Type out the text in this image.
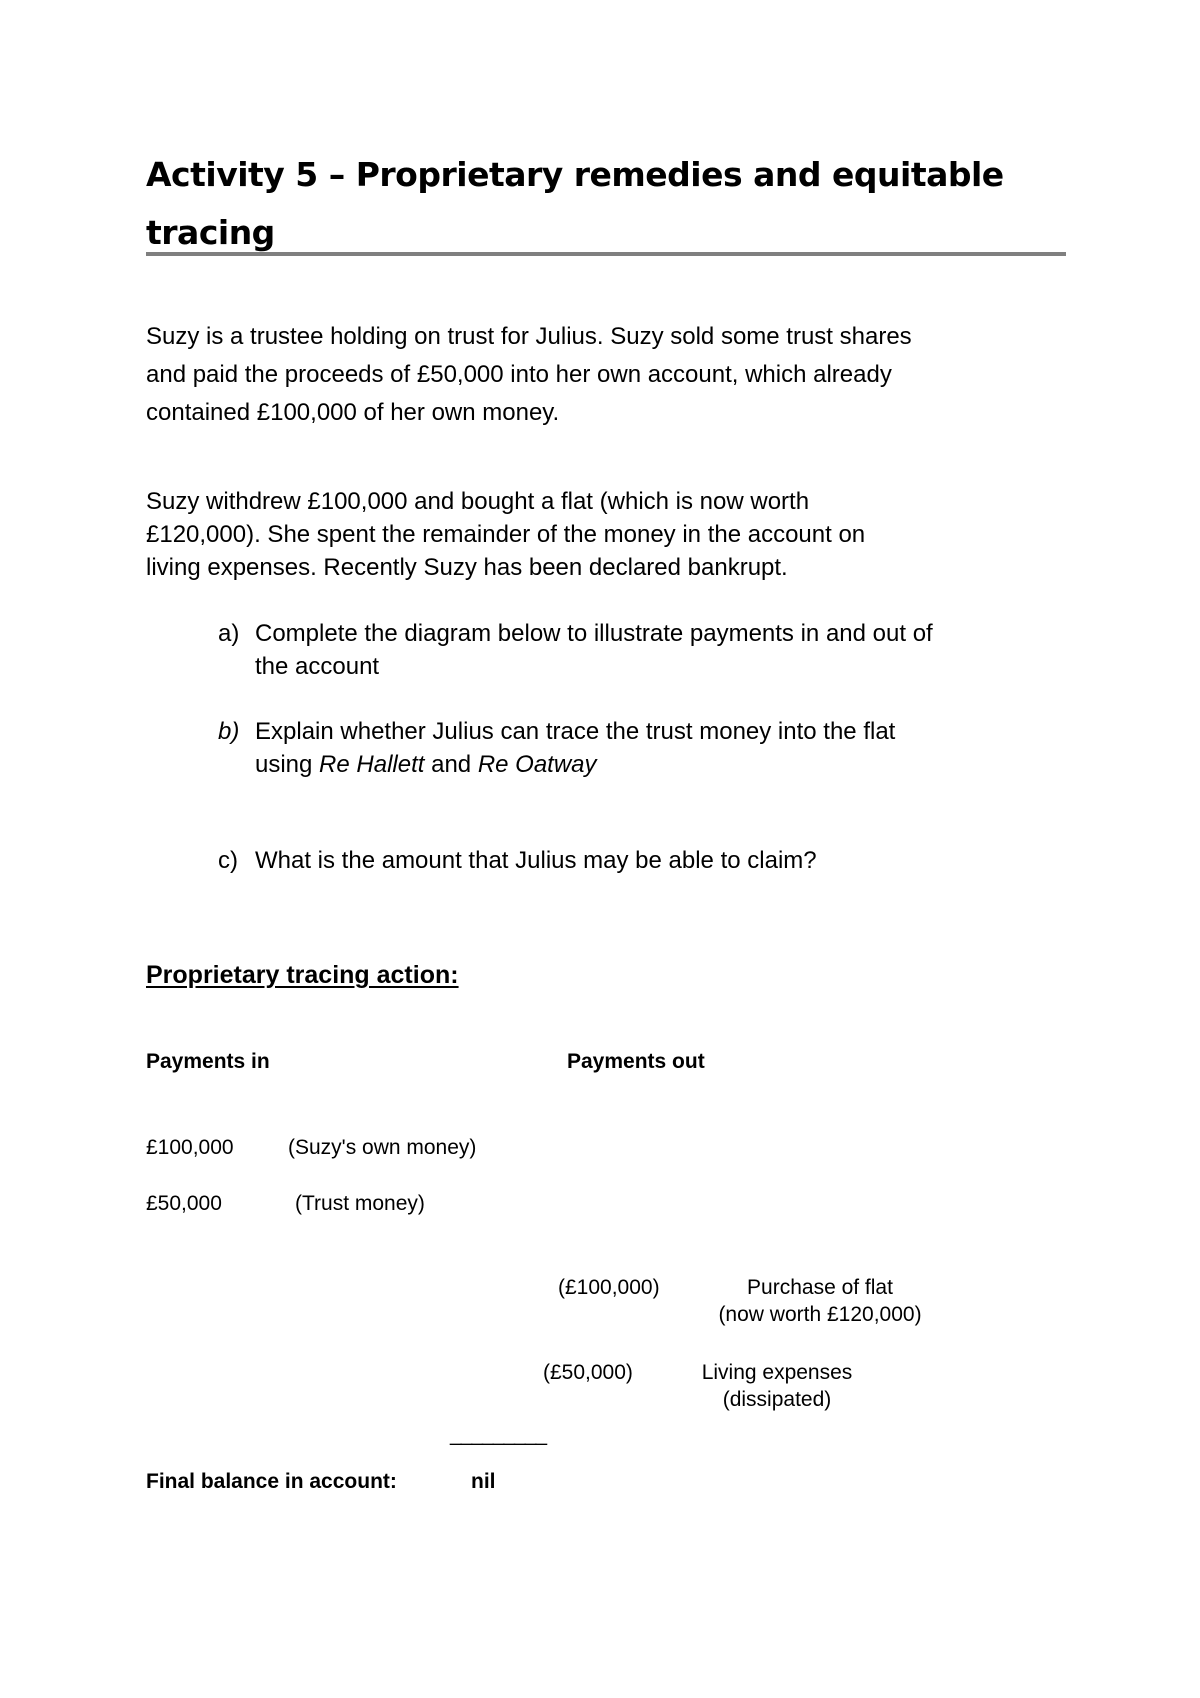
Activity 5 – Proprietary remedies and equitable
tracing
Suzy is a trustee holding on trust for Julius. Suzy sold some trust shares
and paid the proceeds of £50,000 into her own account, which already
contained £100,000 of her own money.
Suzy withdrew £100,000 and bought a flat (which is now worth
£120,000). She spent the remainder of the money in the account on
living expenses. Recently Suzy has been declared bankrupt.
a) Complete the diagram below to illustrate payments in and out of
the account
b) Explain whether Julius can trace the trust money into the flat
using Re Hallett and Re Oatway
c) What is the amount that Julius may be able to claim?
Proprietary tracing action:
Payments in	Payments out
£100,000	(Suzy's own money)
£50,000	(Trust money)
(£100,000)	Purchase of flat
(now worth £120,000)
(£50,000)	Living expenses
(dissipated)
_________
Final balance in account:	nil
